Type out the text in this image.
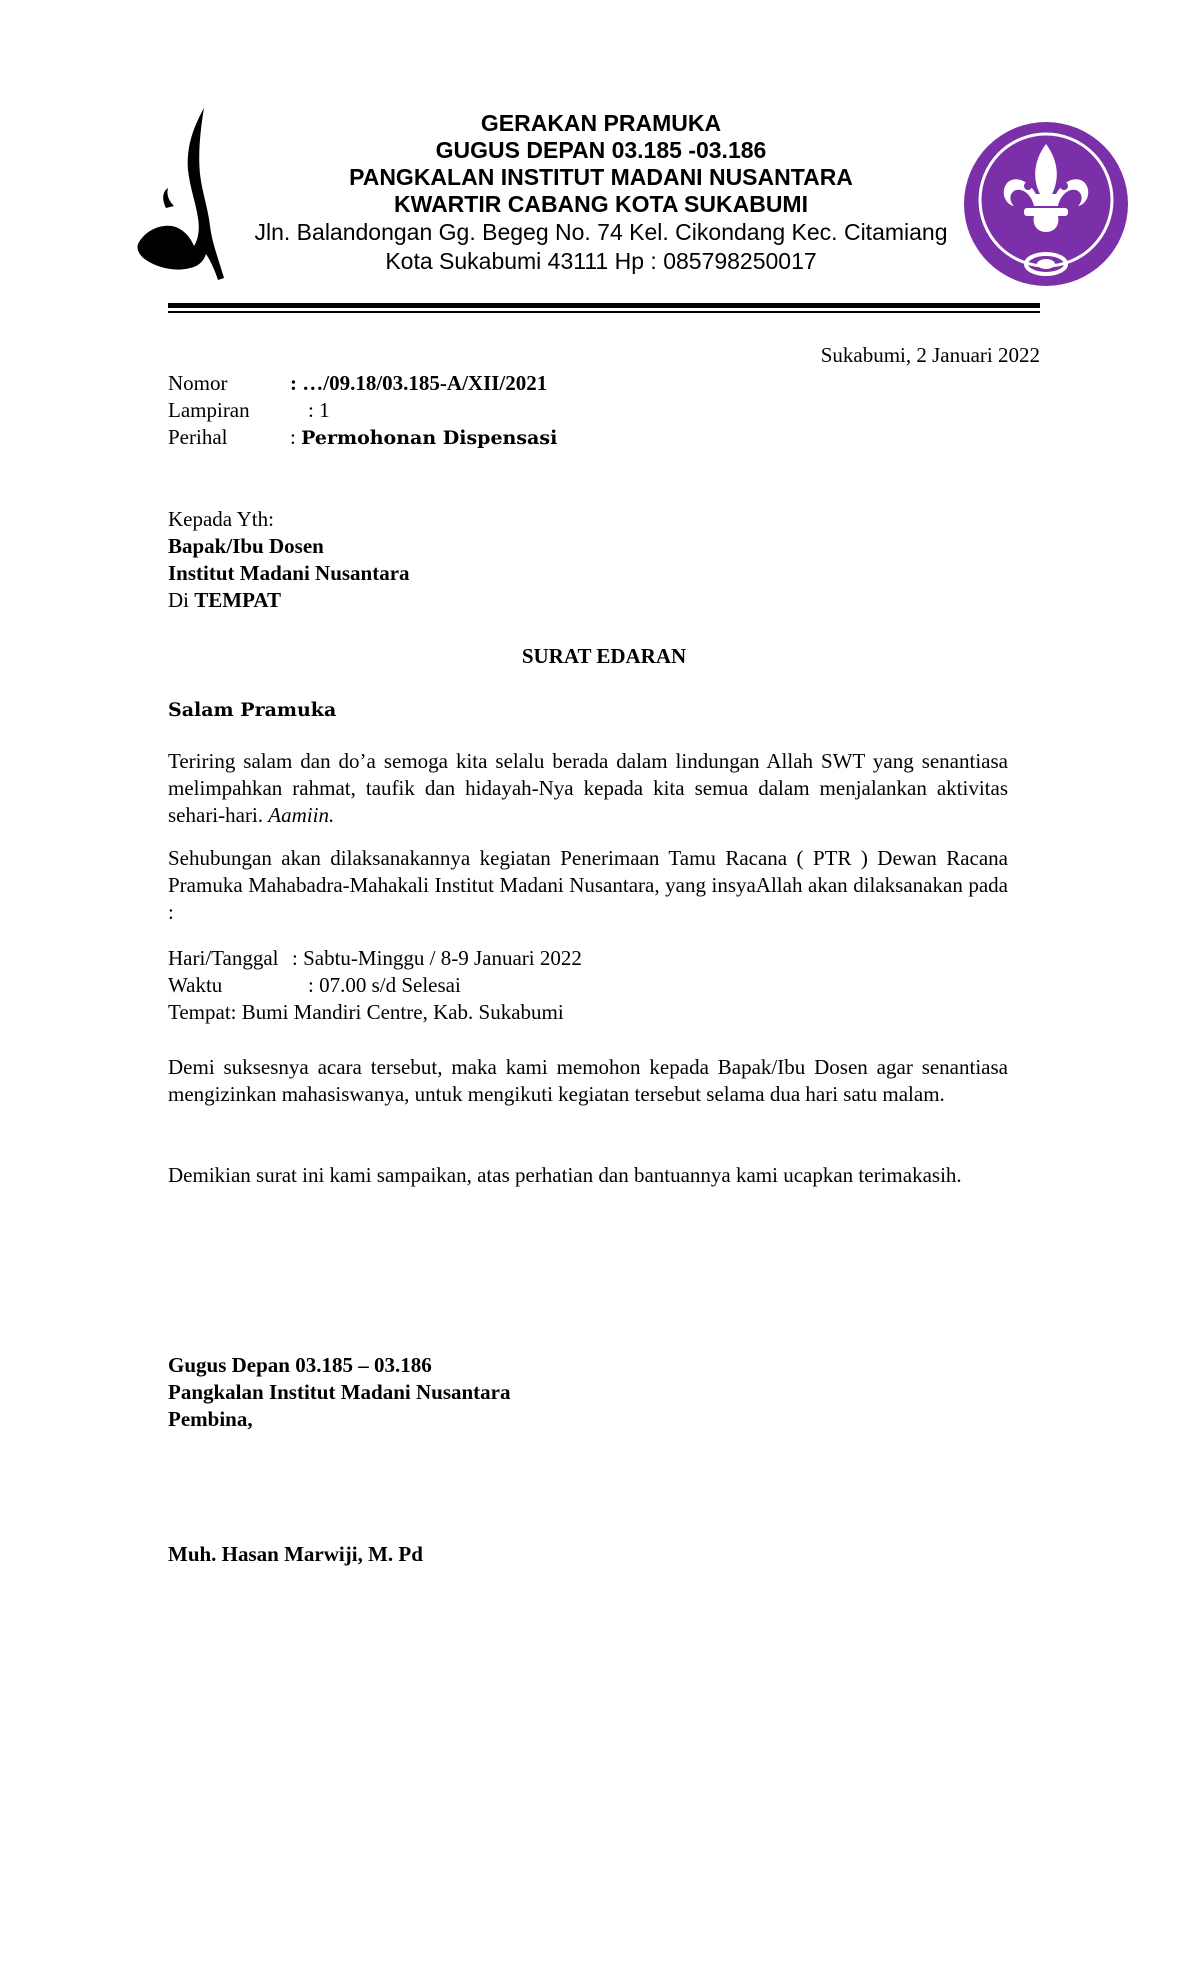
GERAKAN PRAMUKA
GUGUS DEPAN 03.185 -03.186
PANGKALAN INSTITUT MADANI NUSANTARA
KWARTIR CABANG KOTA SUKABUMI
Jln. Balandongan Gg. Begeg No. 74 Kel. Cikondang Kec. Citamiang
Kota Sukabumi 43111 Hp : 085798250017
Sukabumi, 2 Januari 2022
Nomor	: …/09.18/03.185-A/XII/2021
Lampiran	: 1
Perihal	: Permohonan Dispensasi
Kepada Yth:
Bapak/Ibu Dosen
Institut Madani Nusantara
Di TEMPAT
SURAT EDARAN
Salam Pramuka
Teriring salam dan do’a semoga kita selalu berada dalam lindungan Allah SWT yang senantiasa melimpahkan rahmat, taufik dan hidayah-Nya kepada kita semua dalam menjalankan aktivitas sehari-hari. Aamiin.
Sehubungan akan dilaksanakannya kegiatan Penerimaan Tamu Racana ( PTR ) Dewan Racana Pramuka Mahabadra-Mahakali Institut Madani Nusantara, yang insyaAllah akan dilaksanakan pada :
Hari/Tanggal : Sabtu-Minggu / 8-9 Januari 2022
Waktu	: 07.00 s/d Selesai
Tempat: Bumi Mandiri Centre, Kab. Sukabumi
Demi suksesnya acara tersebut, maka kami memohon kepada Bapak/Ibu Dosen agar senantiasa mengizinkan mahasiswanya, untuk mengikuti kegiatan tersebut selama dua hari satu malam.
Demikian surat ini kami sampaikan, atas perhatian dan bantuannya kami ucapkan terimakasih.
Gugus Depan 03.185 – 03.186
Pangkalan Institut Madani Nusantara
Pembina,
Muh. Hasan Marwiji, M. Pd
